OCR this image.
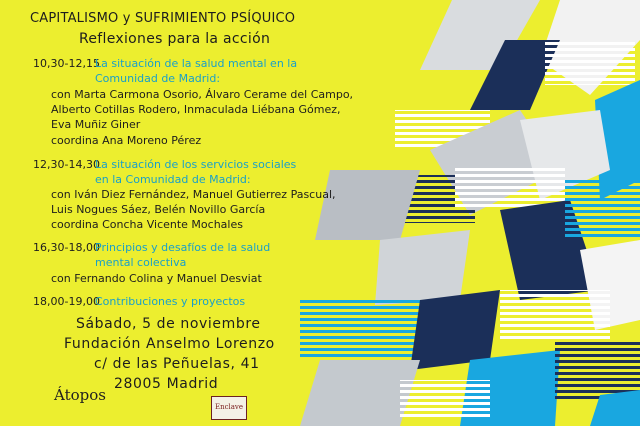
CAPITALISMO y SUFRIMIENTO PSÍQUICO
Reflexiones para la acción
10,30-12,15
La situación de la salud mental en la
Comunidad de Madrid:
con Marta Carmona Osorio, Álvaro Cerame del Campo,
Alberto Cotillas Rodero, Inmaculada Liébana Gómez,
Eva Muñiz Giner
coordina Ana Moreno Pérez
12,30-14,30
La situación de los servicios sociales
en la Comunidad de Madrid:
con Iván Diez Fernández, Manuel Gutierrez Pascual,
Luis Nogues Sáez, Belén Novillo García
coordina Concha Vicente Mochales
16,30-18,00
Principios y desafíos de la salud
mental colectiva
con Fernando Colina y Manuel Desviat
18,00-19,00
Contribuciones y proyectos
Sábado, 5 de noviembre
Fundación Anselmo Lorenzo
c/ de las Peñuelas, 41
28005 Madrid
Átopos
Enclave
